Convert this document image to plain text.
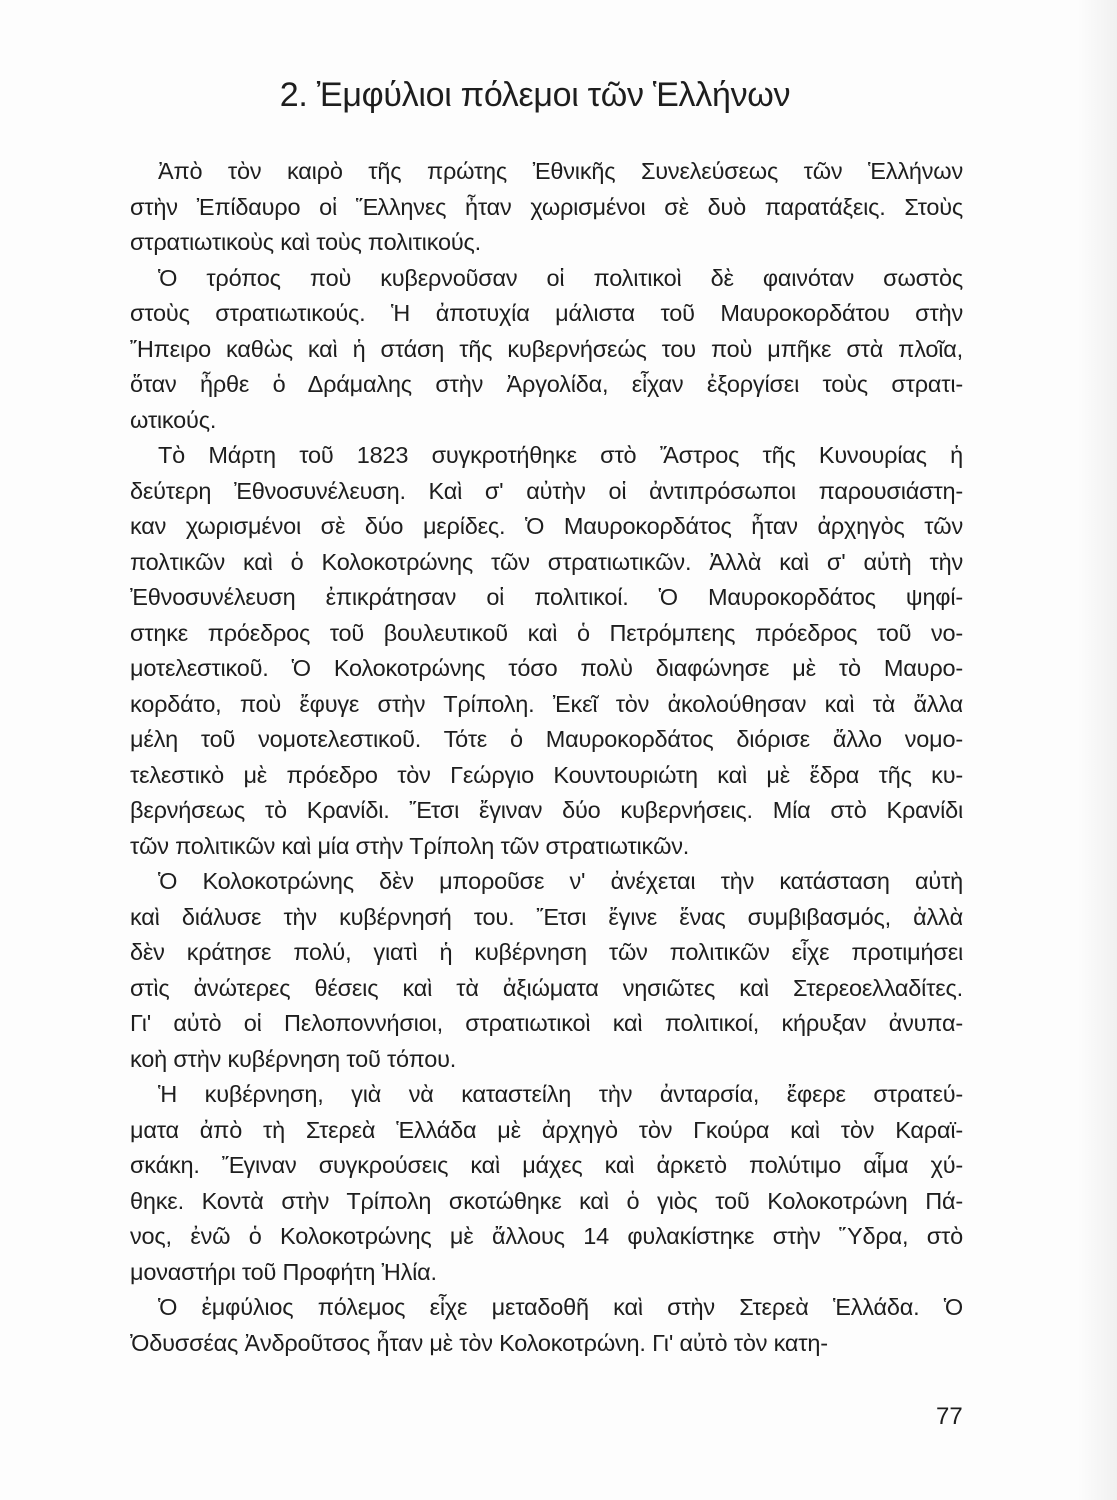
2. Ἐμφύλιοι πόλεμοι τῶν Ἑλλήνων
Ἀπὸ τὸν καιρὸ τῆς πρώτης Ἐθνικῆς Συνελεύσεως τῶν Ἑλλήνων
στὴν Ἐπίδαυρο οἱ Ἕλληνες ἦταν χωρισμένοι σὲ δυὸ παρατάξεις. Στοὺς
στρατιωτικοὺς καὶ τοὺς πολιτικούς.
Ὁ τρόπος ποὺ κυβερνοῦσαν οἱ πολιτικοὶ δὲ φαινόταν σωστὸς
στοὺς στρατιωτικούς. Ἡ ἀποτυχία μάλιστα τοῦ Μαυροκορδάτου στὴν
Ἤπειρο καθὼς καὶ ἡ στάση τῆς κυβερνήσεώς του ποὺ μπῆκε στὰ πλοῖα,
ὅταν ἦρθε ὁ Δράμαλης στὴν Ἀργολίδα, εἶχαν ἐξοργίσει τοὺς στρατι-
ωτικούς.
Τὸ Μάρτη τοῦ 1823 συγκροτήθηκε στὸ Ἄστρος τῆς Κυνουρίας ἡ
δεύτερη Ἐθνοσυνέλευση. Καὶ σ' αὐτὴν οἱ ἀντιπρόσωποι παρουσιάστη-
καν χωρισμένοι σὲ δύο μερίδες. Ὁ Μαυροκορδάτος ἦταν ἀρχηγὸς τῶν
πολτικῶν καὶ ὁ Κολοκοτρώνης τῶν στρατιωτικῶν. Ἀλλὰ καὶ σ' αὐτὴ τὴν
Ἐθνοσυνέλευση ἐπικράτησαν οἱ πολιτικοί. Ὁ Μαυροκορδάτος ψηφί-
στηκε πρόεδρος τοῦ βουλευτικοῦ καὶ ὁ Πετρόμπεης πρόεδρος τοῦ νο-
μοτελεστικοῦ. Ὁ Κολοκοτρώνης τόσο πολὺ διαφώνησε μὲ τὸ Μαυρο-
κορδάτο, ποὺ ἔφυγε στὴν Τρίπολη. Ἐκεῖ τὸν ἀκολούθησαν καὶ τὰ ἄλλα
μέλη τοῦ νομοτελεστικοῦ. Τότε ὁ Μαυροκορδάτος διόρισε ἄλλο νομο-
τελεστικὸ μὲ πρόεδρο τὸν Γεώργιο Κουντουριώτη καὶ μὲ ἕδρα τῆς κυ-
βερνήσεως τὸ Κρανίδι. Ἔτσι ἔγιναν δύο κυβερνήσεις. Μία στὸ Κρανίδι
τῶν πολιτικῶν καὶ μία στὴν Τρίπολη τῶν στρατιωτικῶν.
Ὁ Κολοκοτρώνης δὲν μποροῦσε ν' ἀνέχεται τὴν κατάσταση αὐτὴ
καὶ διάλυσε τὴν κυβέρνησή του. Ἔτσι ἔγινε ἕνας συμβιβασμός, ἀλλὰ
δὲν κράτησε πολύ, γιατὶ ἡ κυβέρνηση τῶν πολιτικῶν εἶχε προτιμήσει
στὶς ἀνώτερες θέσεις καὶ τὰ ἀξιώματα νησιῶτες καὶ Στερεοελλαδίτες.
Γι' αὐτὸ οἱ Πελοποννήσιοι, στρατιωτικοὶ καὶ πολιτικοί, κήρυξαν ἀνυπα-
κοὴ στὴν κυβέρνηση τοῦ τόπου.
Ἡ κυβέρνηση, γιὰ νὰ καταστείλη τὴν ἀνταρσία, ἔφερε στρατεύ-
ματα ἀπὸ τὴ Στερεὰ Ἑλλάδα μὲ ἀρχηγὸ τὸν Γκούρα καὶ τὸν Καραϊ-
σκάκη. Ἔγιναν συγκρούσεις καὶ μάχες καὶ ἀρκετὸ πολύτιμο αἷμα χύ-
θηκε. Κοντὰ στὴν Τρίπολη σκοτώθηκε καὶ ὁ γιὸς τοῦ Κολοκοτρώνη Πά-
νος, ἐνῶ ὁ Κολοκοτρώνης μὲ ἄλλους 14 φυλακίστηκε στὴν Ὕδρα, στὸ
μοναστήρι τοῦ Προφήτη Ἠλία.
Ὁ ἐμφύλιος πόλεμος εἶχε μεταδοθῆ καὶ στὴν Στερεὰ Ἑλλάδα. Ὁ
Ὀδυσσέας Ἀνδροῦτσος ἦταν μὲ τὸν Κολοκοτρώνη. Γι' αὐτὸ τὸν κατη-
77
